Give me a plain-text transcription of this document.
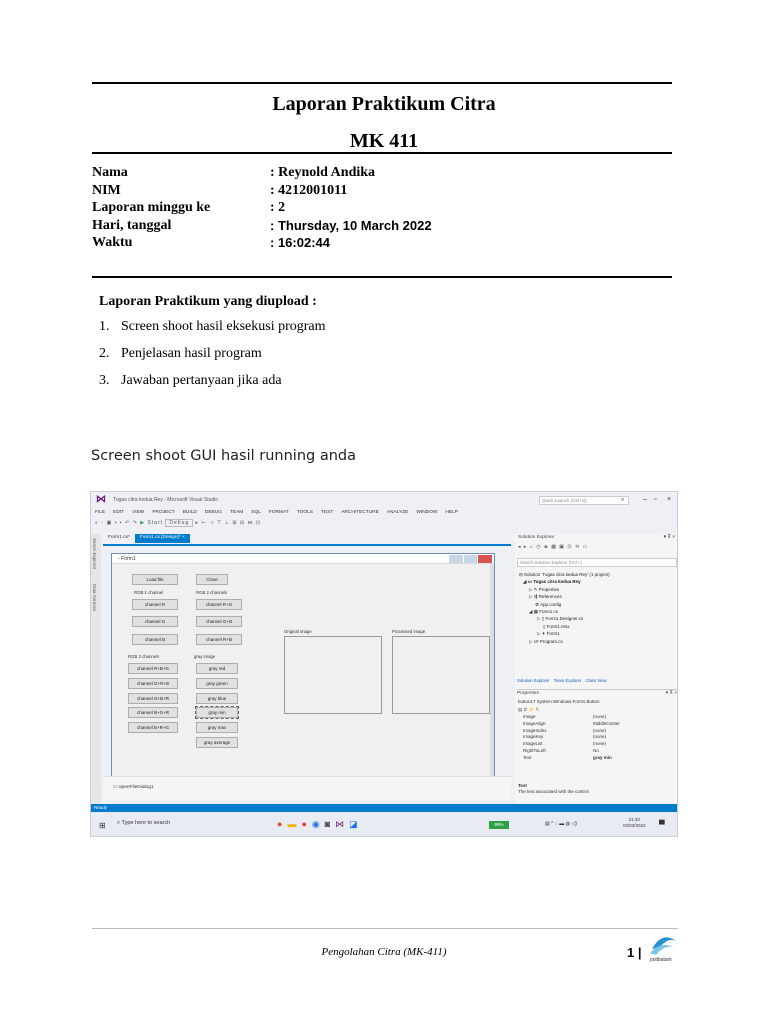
Laporan Praktikum Citra
MK 411
Nama	: Reynold Andika
NIM	: 4212001011
Laporan minggu ke	: 2
Hari, tanggal	: Thursday, 10 March 2022
Waktu	: 16:02:44
Laporan Praktikum yang diupload :
1. Screen shoot hasil eksekusi program
2. Penjelasan hasil program
3. Jawaban pertanyaan jika ada
Screen shoot GUI hasil running anda
⋈ Tugas citra kedua Rey - Microsoft Visual Studio	Quick Launch (Ctrl+Q)	⌕	– ▫ ×
FILE EDIT VIEW PROJECT BUILD DEBUG TEAM SQL FORMAT TOOLS TEST ARCHITECTURE ANALYZE WINDOW HELP
◐ ◦ ▣ ▪ ▪ ↶ ↷ ▶ Start Debug ▸ ⊢ ⊣ ⊤ ⊥ ⊞ ⊟ ⋈ ⊡
Server Explorer
Data Sources
Form1.cs*	Form1.cs [Design]* ×
▪ Form1
Load file	Close
RGB 1 channel	RGB 2 channels
channel R	channel R+G
channel G	channel G+B
channel B	channel R+B
RGB 3 channels	gray image
channel R+B+G	gray red
channel G+R+B	gray green
channel G+B+R	gray blue
channel B+G+R	gray min
channel B+R+G	gray max
gray average
Original image	Processed image
▭ openFileDialog1
Solution Explorer	▾ ⊼ ×
◂ ▸ ⌂ ◷ ◈ ▦ ▣ ⊡ ⟲ ▭
Search Solution Explorer (Ctrl+;)
⊟ Solution 'Tugas citra kedua Rey' (1 project)
◢ ▭ Tugas citra kedua Rey
▷ ✎ Properties
▷ ⇶ References
⚙ App.config
◢ ▦ Form1.cs
▷ ▯ Form1.Designer.cs
▯ Form1.resx
▷ ✦ Form1
▷ c# Program.cs
Solution Explorer Team Explorer Class View
Properties	▾ ⊼ ×
button17 System.Windows.Forms.Button
▤ ⇵ ⚡ ✎
Image	(none)
ImageAlign	MiddleCenter
ImageIndex	(none)
ImageKey	(none)
ImageList	(none)
RightToLeft	No
Text	gray min
Text
The text associated with the control.
Ready
⊞ ⌕ Type here to search	● ▬ ● ◉ ◙ ⋈ ◪	99%	▤ ^ ◌ ▬ ◍ ◁)
21:33
02/03/2022 ▀
Pengolahan Citra (MK-411)	1 | polibatam
